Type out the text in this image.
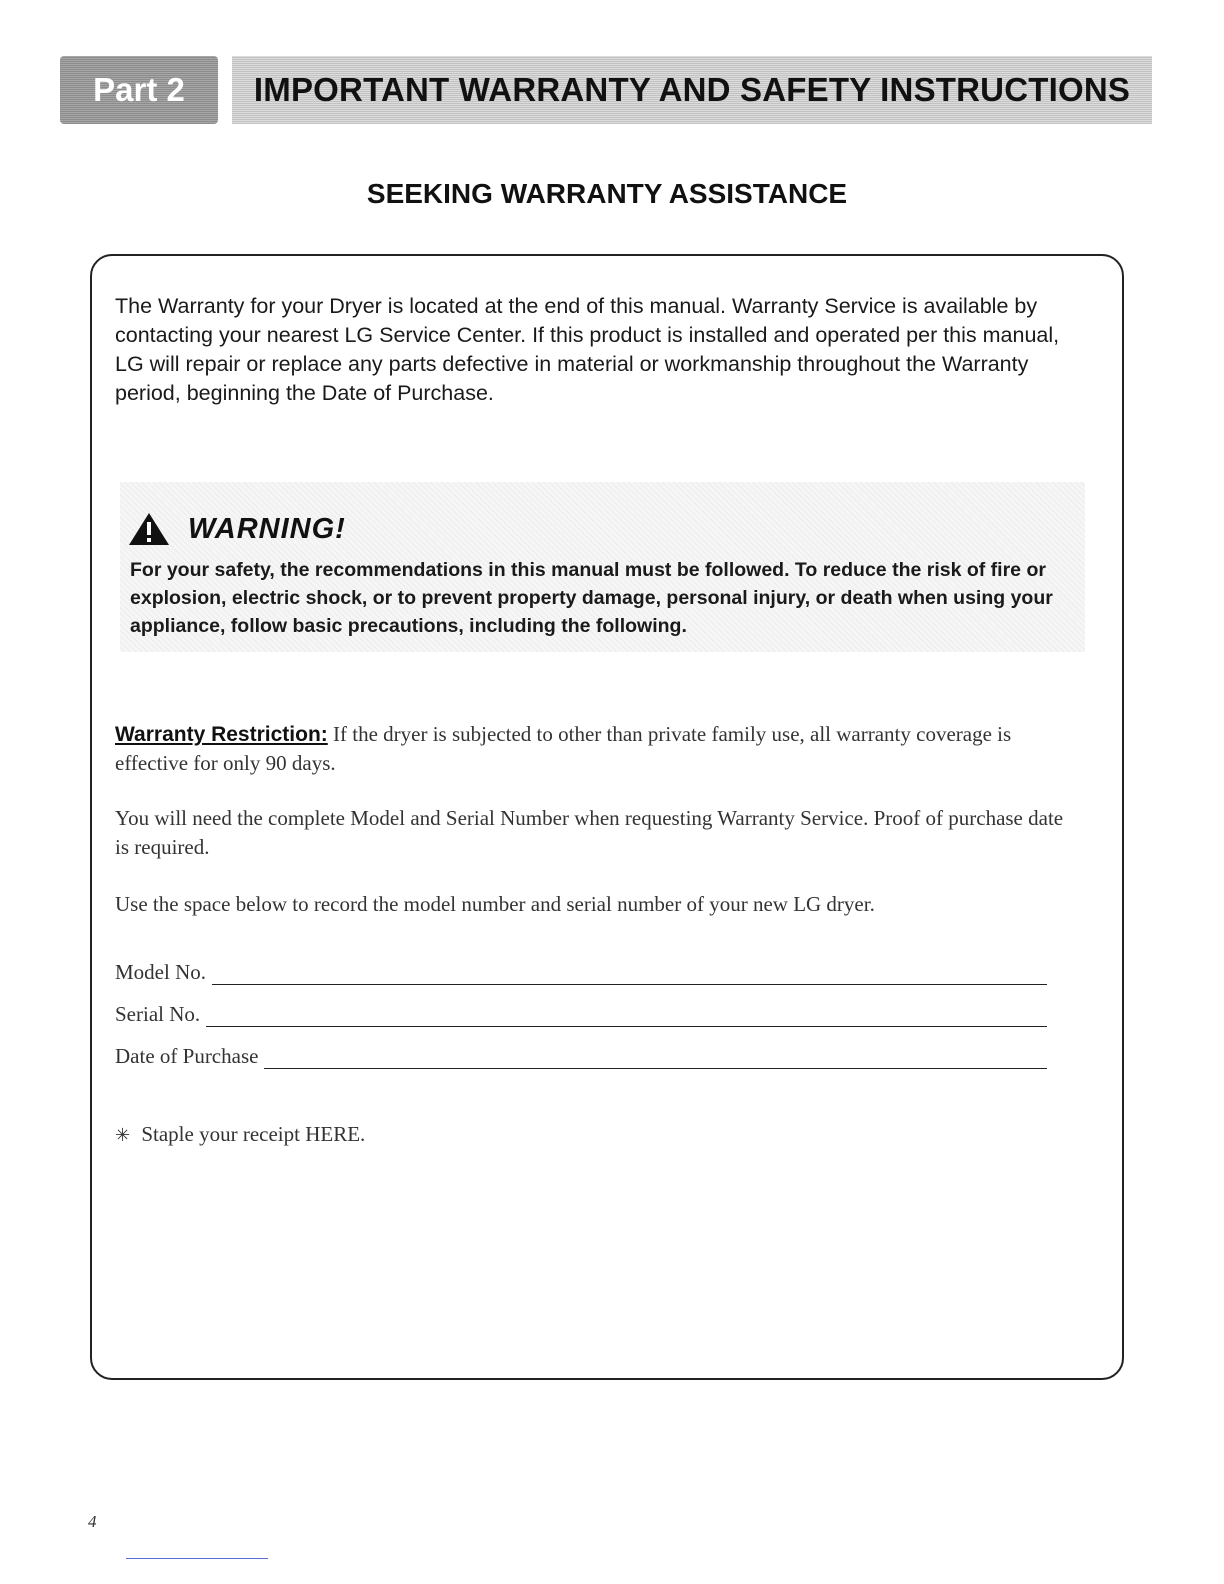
Part 2 IMPORTANT WARRANTY AND SAFETY INSTRUCTIONS
SEEKING WARRANTY ASSISTANCE
The Warranty for your Dryer is located at the end of this manual. Warranty Service is available by contacting your nearest LG Service Center. If this product is installed and operated per this manual, LG will repair or replace any parts defective in material or workmanship throughout the Warranty period, beginning the Date of Purchase.
WARNING!
For your safety, the recommendations in this manual must be followed. To reduce the risk of fire or explosion, electric shock, or to prevent property damage, personal injury, or death when using your appliance, follow basic precautions, including the following.
Warranty Restriction: If the dryer is subjected to other than private family use, all warranty coverage is effective for only 90 days.
You will need the complete Model and Serial Number when requesting Warranty Service. Proof of purchase date is required.
Use the space below to record the model number and serial number of your new LG dryer.
Model No.
Serial No.
Date of Purchase
✳ Staple your receipt HERE.
4
